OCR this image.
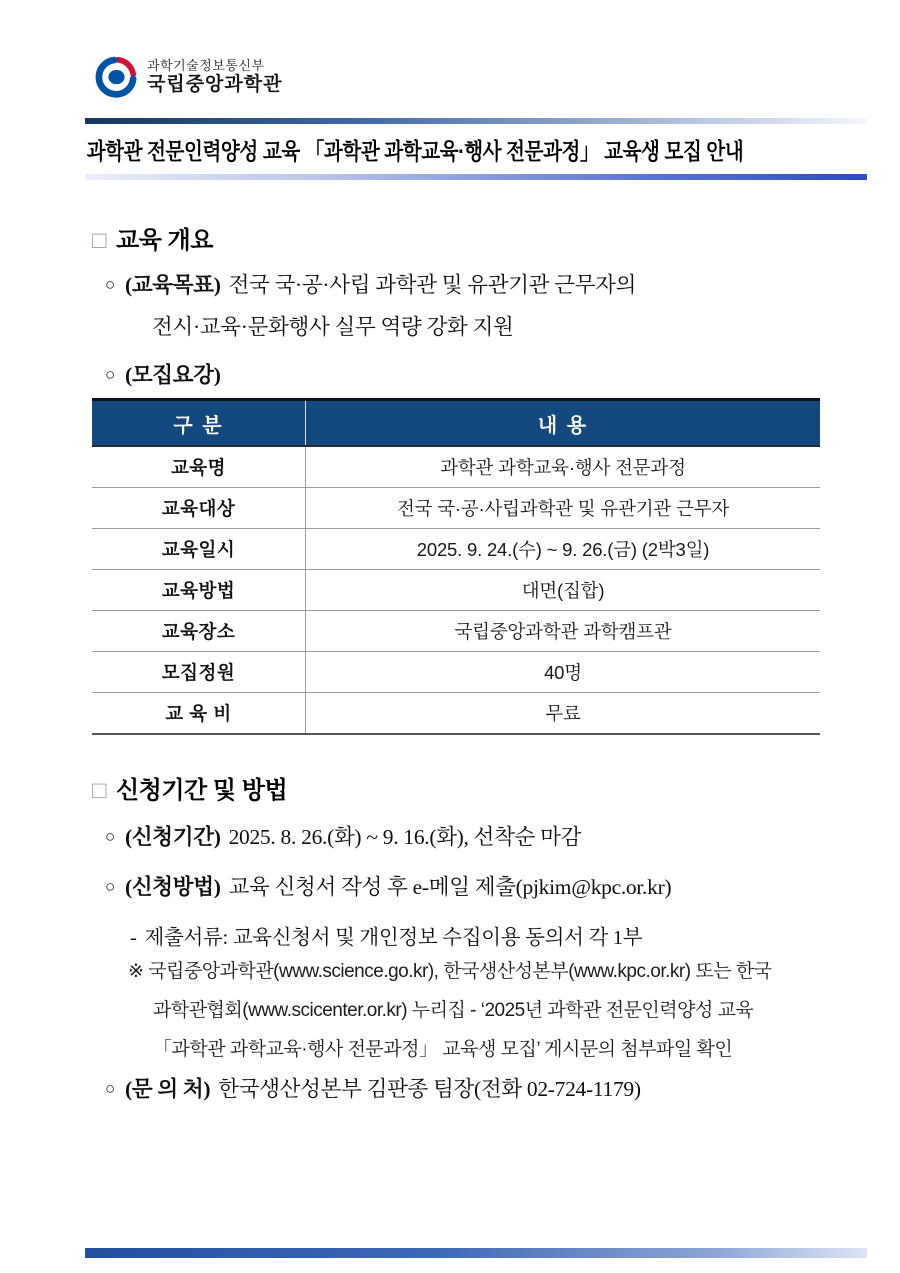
과학기술정보통신부
국립중앙과학관
과학관 전문인력양성 교육 「과학관 과학교육·행사 전문과정」 교육생 모집 안내
□ 교육 개요
○ (교육목표) 전국 국·공·사립 과학관 및 유관기관 근무자의
전시·교육·문화행사 실무 역량 강화 지원
○ (모집요강)
구 분	내 용
교육명	과학관 과학교육·행사 전문과정
교육대상	전국 국·공·사립과학관 및 유관기관 근무자
교육일시	2025. 9. 24.(수) ~ 9. 26.(금) (2박3일)
교육방법	대면(집합)
교육장소	국립중앙과학관 과학캠프관
모집정원	40명
교 육 비	무료
□ 신청기간 및 방법
○ (신청기간) 2025. 8. 26.(화) ~ 9. 16.(화), 선착순 마감
○ (신청방법) 교육 신청서 작성 후 e-메일 제출(pjkim@kpc.or.kr)
- 제출서류: 교육신청서 및 개인정보 수집이용 동의서 각 1부
※ 국립중앙과학관(www.science.go.kr), 한국생산성본부(www.kpc.or.kr) 또는 한국
과학관협회(www.scicenter.or.kr) 누리집 - ‘2025년 과학관 전문인력양성 교육
「과학관 과학교육·행사 전문과정」 교육생 모집’ 게시문의 첨부파일 확인
○ (문 의 처) 한국생산성본부 김판종 팀장(전화 02-724-1179)
